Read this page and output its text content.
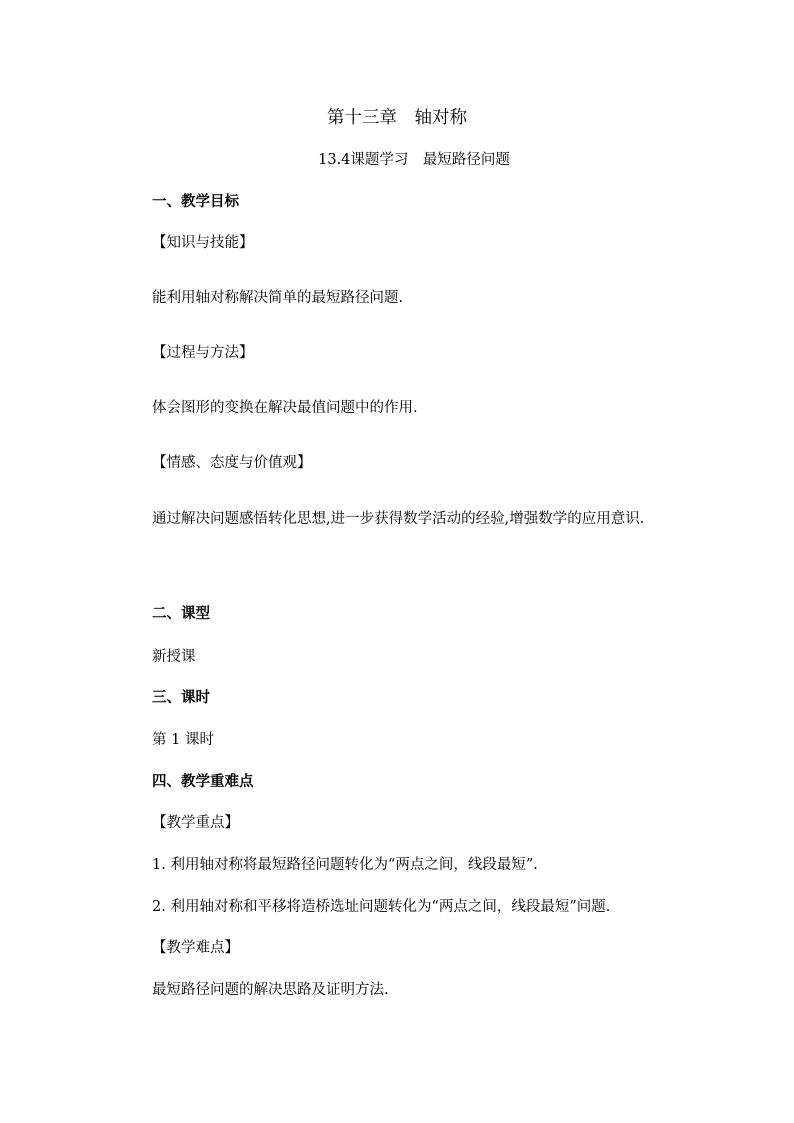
第十三章　轴对称
13.4课题学习　最短路径问题
一、教学目标
【知识与技能】
能利用轴对称解决简单的最短路径问题.
【过程与方法】
体会图形的变换在解决最值问题中的作用.
【情感、态度与价值观】
通过解决问题感悟转化思想,进一步获得数学活动的经验,增强数学的应用意识.
二、课型
新授课
三、课时
第 1 课时
四、教学重难点
【教学重点】
1. 利用轴对称将最短路径问题转化为“两点之间，线段最短”.
2. 利用轴对称和平移将造桥选址问题转化为“两点之间，线段最短”问题.
【教学难点】
最短路径问题的解决思路及证明方法.
